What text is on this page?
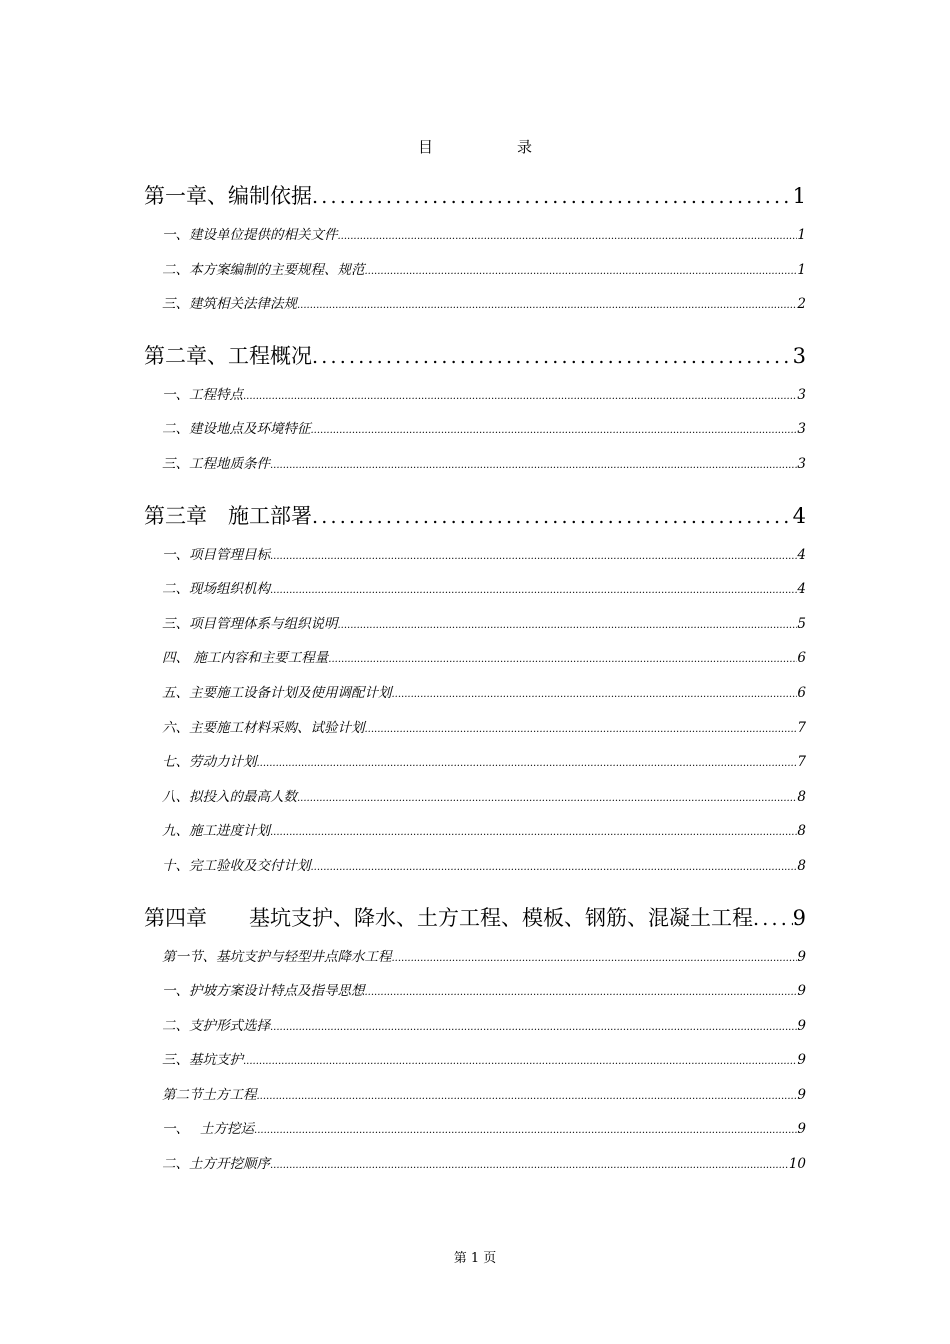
目	录
第一章、编制依据 .....	1
一、建设单位提供的相关文件 .....	1
二、本方案编制的主要规程、规范 .....	1
三、建筑相关法律法规 .....	2
第二章、工程概况 .....	3
一、工程特点 .....	3
二、建设地点及环境特征 .....	3
三、工程地质条件 .....	3
第三章　施工部署 .....	4
一、项目管理目标 .....	4
二、现场组织机构 .....	4
三、项目管理体系与组织说明 .....	5
四、 施工内容和主要工程量 .....	6
五、主要施工设备计划及使用调配计划 .....	6
六、主要施工材料采购、试验计划 .....	7
七、劳动力计划 .....	7
八、拟投入的最高人数 .....	8
九、施工进度计划 .....	8
十、完工验收及交付计划 .....	8
第四章　　基坑支护、降水、土方工程、模板、钢筋、混凝土工程 ..... 9
第一节、基坑支护与轻型井点降水工程 .....	9
一、护坡方案设计特点及指导思想 .....	9
二、支护形式选择 .....	9
三、基坑支护 .....	9
第二节土方工程 .....	9
一、　 土方挖运 .....	9
二、土方开挖顺序 .....	10
第 1 页
